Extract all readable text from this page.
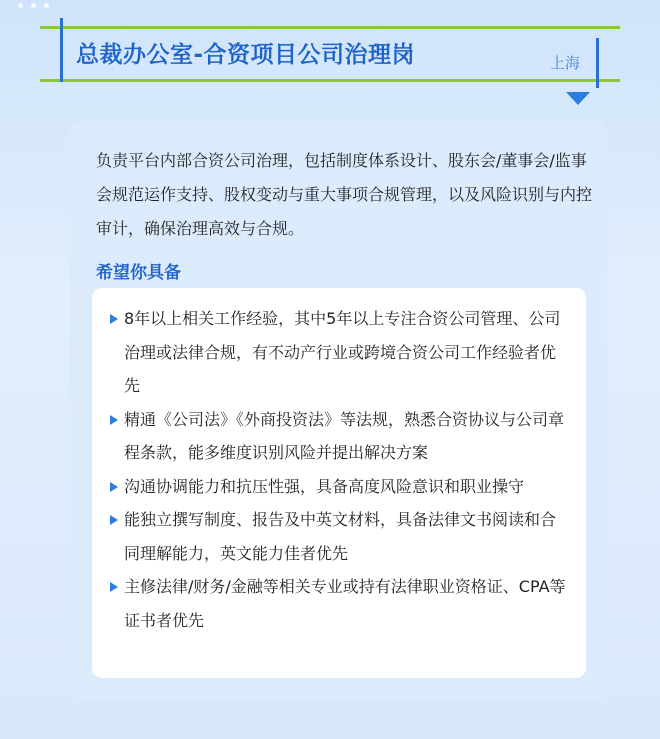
总裁办公室-合资项目公司治理岗	上海
负责平台内部合资公司治理，包括制度体系设计、股东会/董事会/监事会规范运作支持、股权变动与重大事项合规管理，以及风险识别与内控审计，确保治理高效与合规。
希望你具备
8年以上相关工作经验，其中5年以上专注合资公司管理、公司治理或法律合规，有不动产行业或跨境合资公司工作经验者优先
精通《公司法》《外商投资法》等法规，熟悉合资协议与公司章程条款，能多维度识别风险并提出解决方案
沟通协调能力和抗压性强，具备高度风险意识和职业操守
能独立撰写制度、报告及中英文材料，具备法律文书阅读和合同理解能力，英文能力佳者优先
主修法律/财务/金融等相关专业或持有法律职业资格证、CPA等证书者优先
